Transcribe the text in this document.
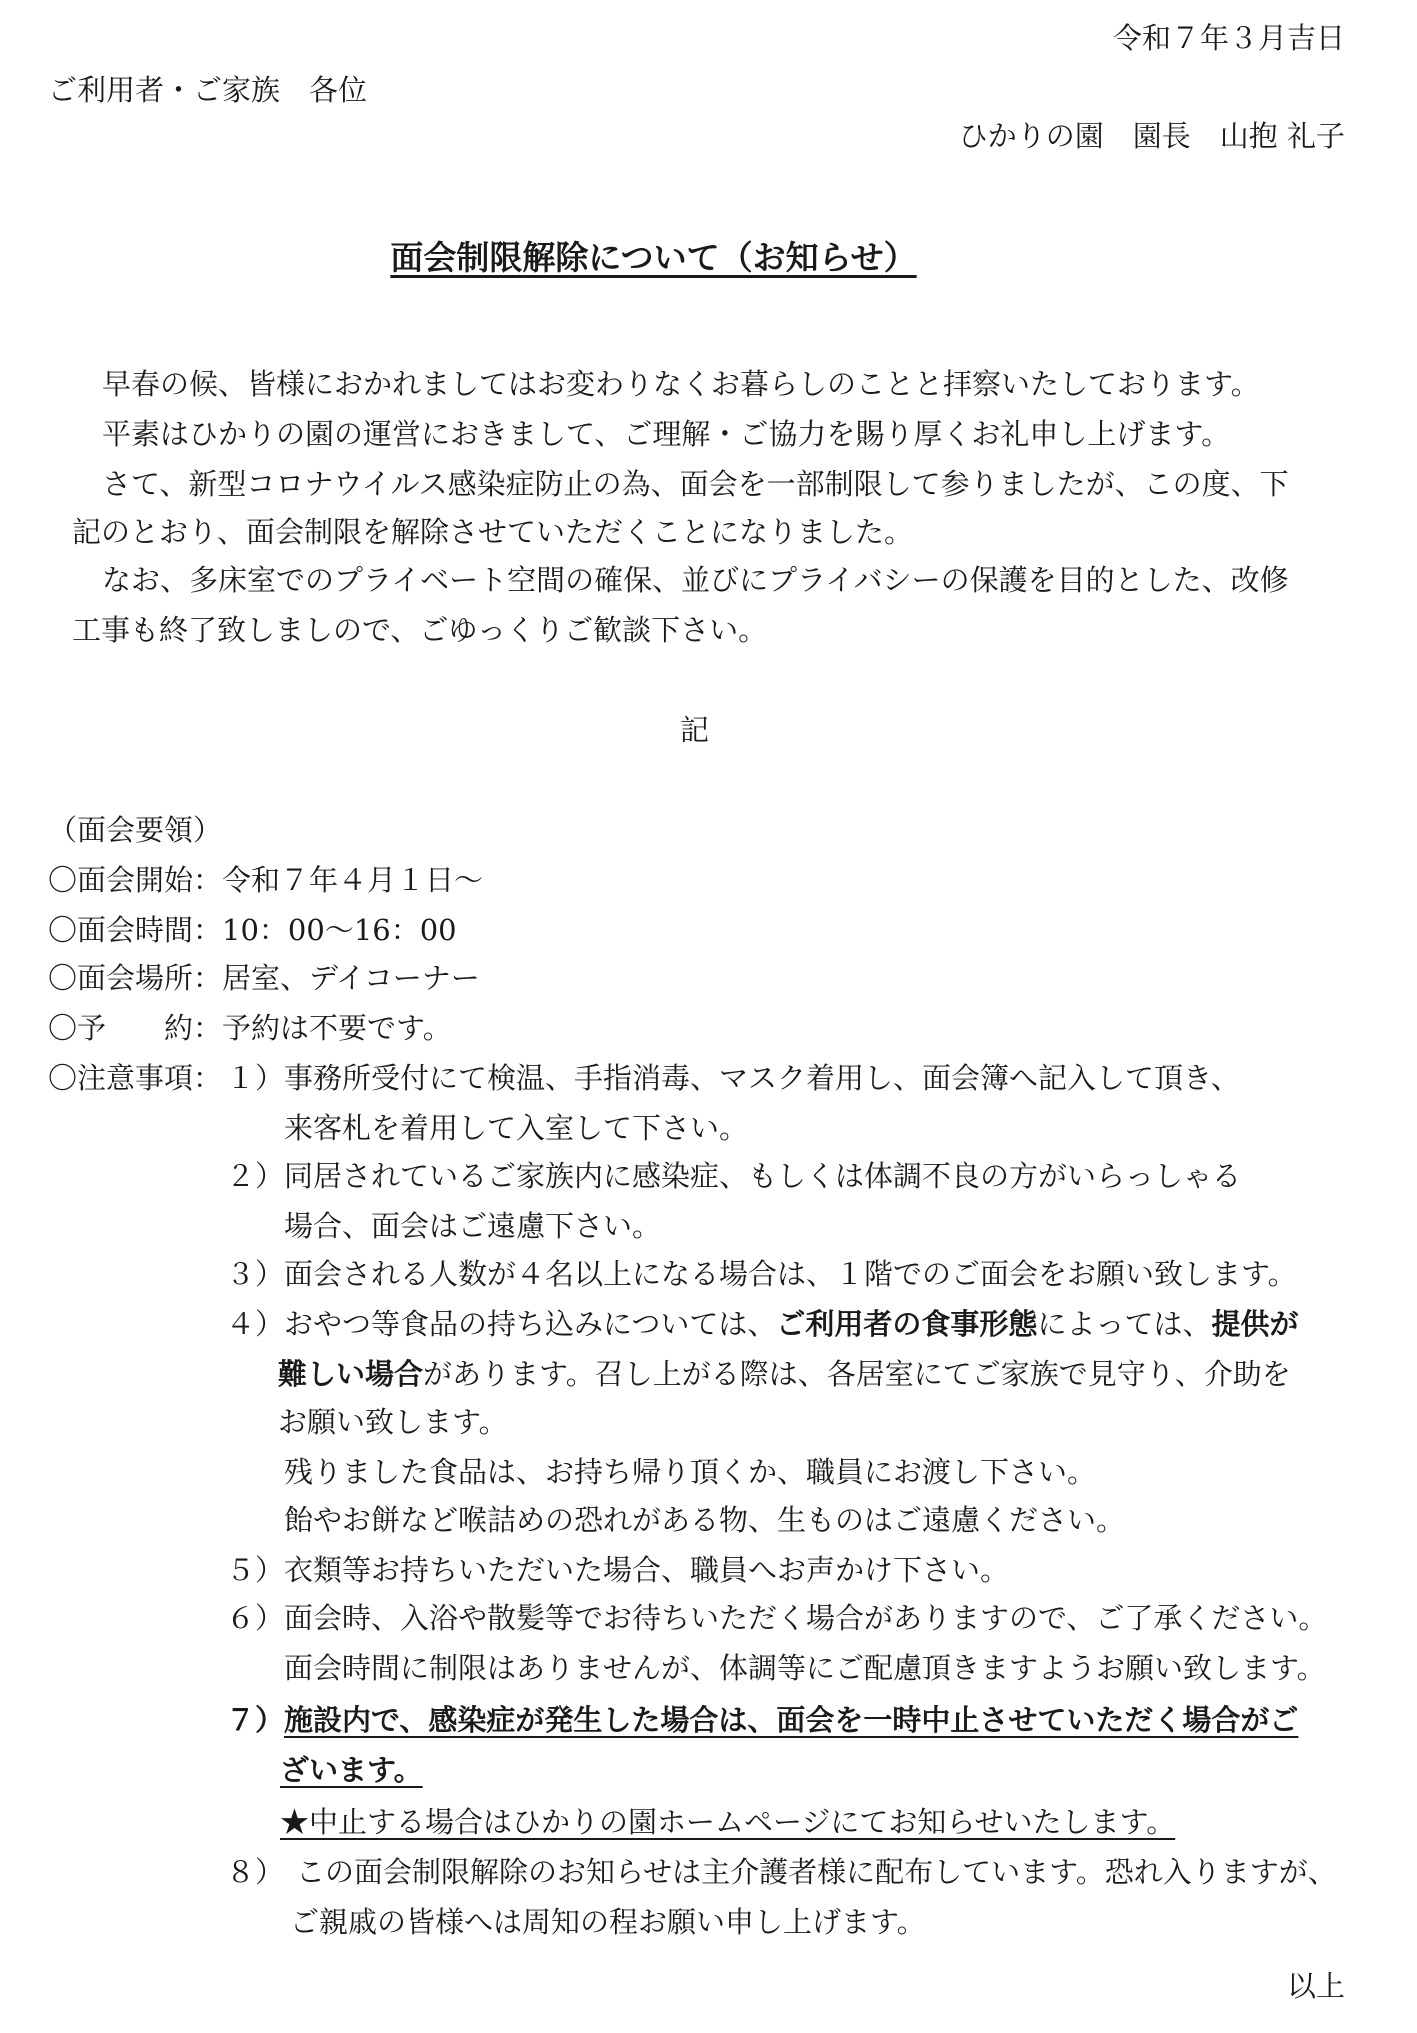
令和７年３月吉日
ご利用者・ご家族　各位
ひかりの園　園長　山抱 礼子
面会制限解除について（お知らせ）
早春の候、皆様におかれましてはお変わりなくお暮らしのことと拝察いたしております。
平素はひかりの園の運営におきまして、ご理解・ご協力を賜り厚くお礼申し上げます。
さて、新型コロナウイルス感染症防止の為、面会を一部制限して参りましたが、この度、下
記のとおり、面会制限を解除させていただくことになりました。
なお、多床室でのプライベート空間の確保、並びにプライバシーの保護を目的とした、改修
工事も終了致しましので、ごゆっくりご歓談下さい。
記
（面会要領）
〇面会開始：令和７年４月１日～
〇面会時間：10：00～16：00
〇面会場所：居室、デイコーナー
〇予　　約：予約は不要です。
〇注意事項： １） 事務所受付にて検温、手指消毒、マスク着用し、面会簿へ記入して頂き、
来客札を着用して入室して下さい。
２） 同居されているご家族内に感染症、もしくは体調不良の方がいらっしゃる
場合、面会はご遠慮下さい。
３） 面会される人数が４名以上になる場合は、１階でのご面会をお願い致します。
４） おやつ等食品の持ち込みについては、ご利用者の食事形態によっては、提供が
難しい場合があります。召し上がる際は、各居室にてご家族で見守り、介助を
お願い致します。
残りました食品は、お持ち帰り頂くか、職員にお渡し下さい。
飴やお餅など喉詰めの恐れがある物、生ものはご遠慮ください。
５） 衣類等お持ちいただいた場合、職員へお声かけ下さい。
６） 面会時、入浴や散髪等でお待ちいただく場合がありますので、ご了承ください。
面会時間に制限はありませんが、体調等にご配慮頂きますようお願い致します。
７） 施設内で、感染症が発生した場合は、面会を一時中止させていただく場合がご
ざいます。
★中止する場合はひかりの園ホームページにてお知らせいたします。
８） この面会制限解除のお知らせは主介護者様に配布しています。恐れ入りますが、
ご親戚の皆様へは周知の程お願い申し上げます。
以上
